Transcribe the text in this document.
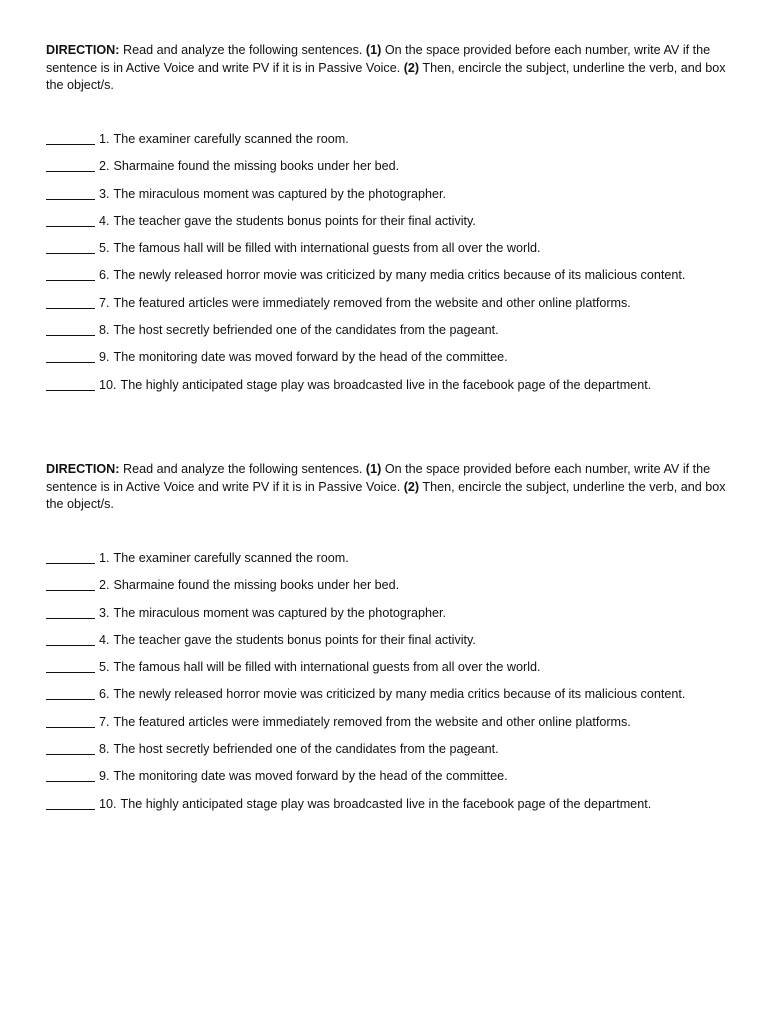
DIRECTION: Read and analyze the following sentences. (1) On the space provided before each number, write AV if the sentence is in Active Voice and write PV if it is in Passive Voice. (2) Then, encircle the subject, underline the verb, and box the object/s.

1. The examiner carefully scanned the room.
2. Sharmaine found the missing books under her bed.
3. The miraculous moment was captured by the photographer.
4. The teacher gave the students bonus points for their final activity.
5. The famous hall will be filled with international guests from all over the world.
6. The newly released horror movie was criticized by many media critics because of its malicious content.
7. The featured articles were immediately removed from the website and other online platforms.
8. The host secretly befriended one of the candidates from the pageant.
9. The monitoring date was moved forward by the head of the committee.
10. The highly anticipated stage play was broadcasted live in the facebook page of the department.

DIRECTION: Read and analyze the following sentences. (1) On the space provided before each number, write AV if the sentence is in Active Voice and write PV if it is in Passive Voice. (2) Then, encircle the subject, underline the verb, and box the object/s.

1. The examiner carefully scanned the room.
2. Sharmaine found the missing books under her bed.
3. The miraculous moment was captured by the photographer.
4. The teacher gave the students bonus points for their final activity.
5. The famous hall will be filled with international guests from all over the world.
6. The newly released horror movie was criticized by many media critics because of its malicious content.
7. The featured articles were immediately removed from the website and other online platforms.
8. The host secretly befriended one of the candidates from the pageant.
9. The monitoring date was moved forward by the head of the committee.
10. The highly anticipated stage play was broadcasted live in the facebook page of the department.
